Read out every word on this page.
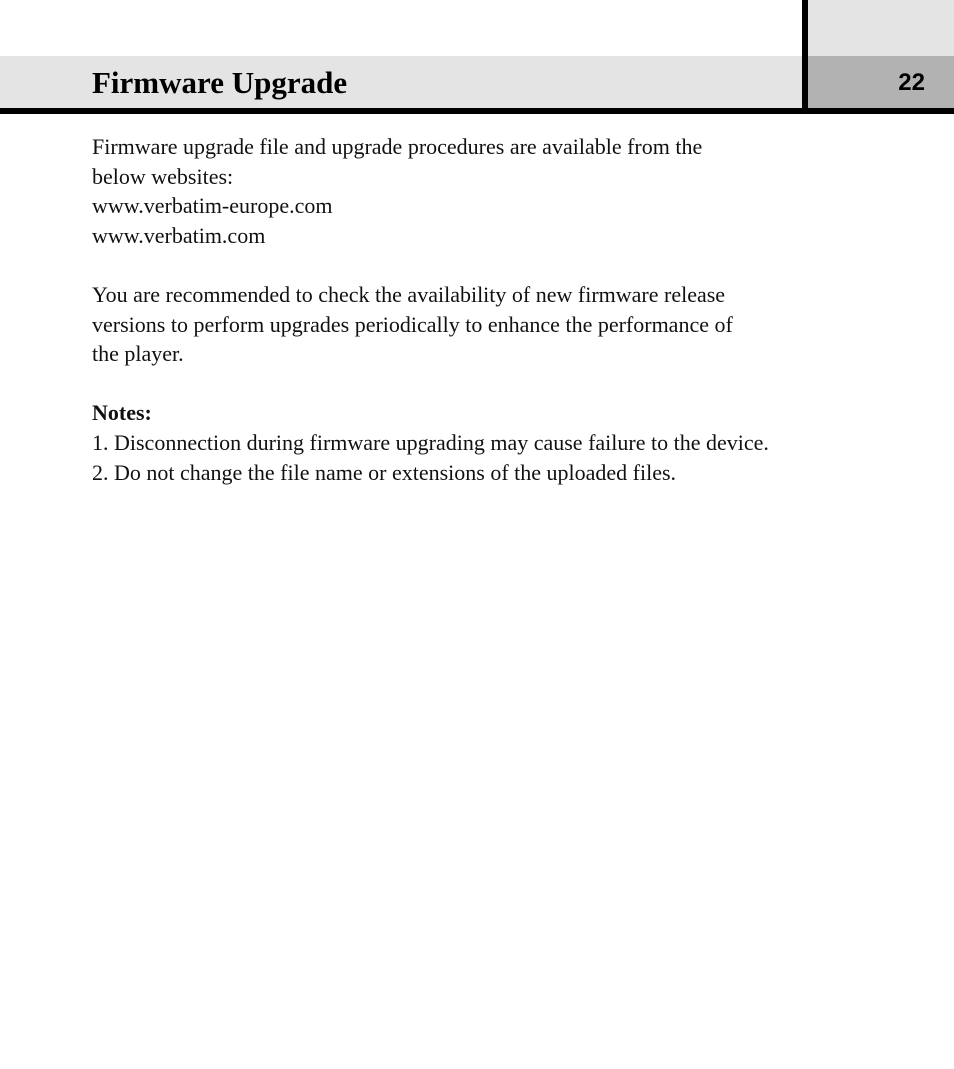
Firmware Upgrade	22

Firmware upgrade file and upgrade procedures are available from the

below websites:

www.verbatim-europe.com

www.verbatim.com

You are recommended to check the availability of new firmware release

versions to perform upgrades periodically to enhance the performance of

the player.

Notes:

1. Disconnection during firmware upgrading may cause failure to the device.

2. Do not change the file name or extensions of the uploaded files.
